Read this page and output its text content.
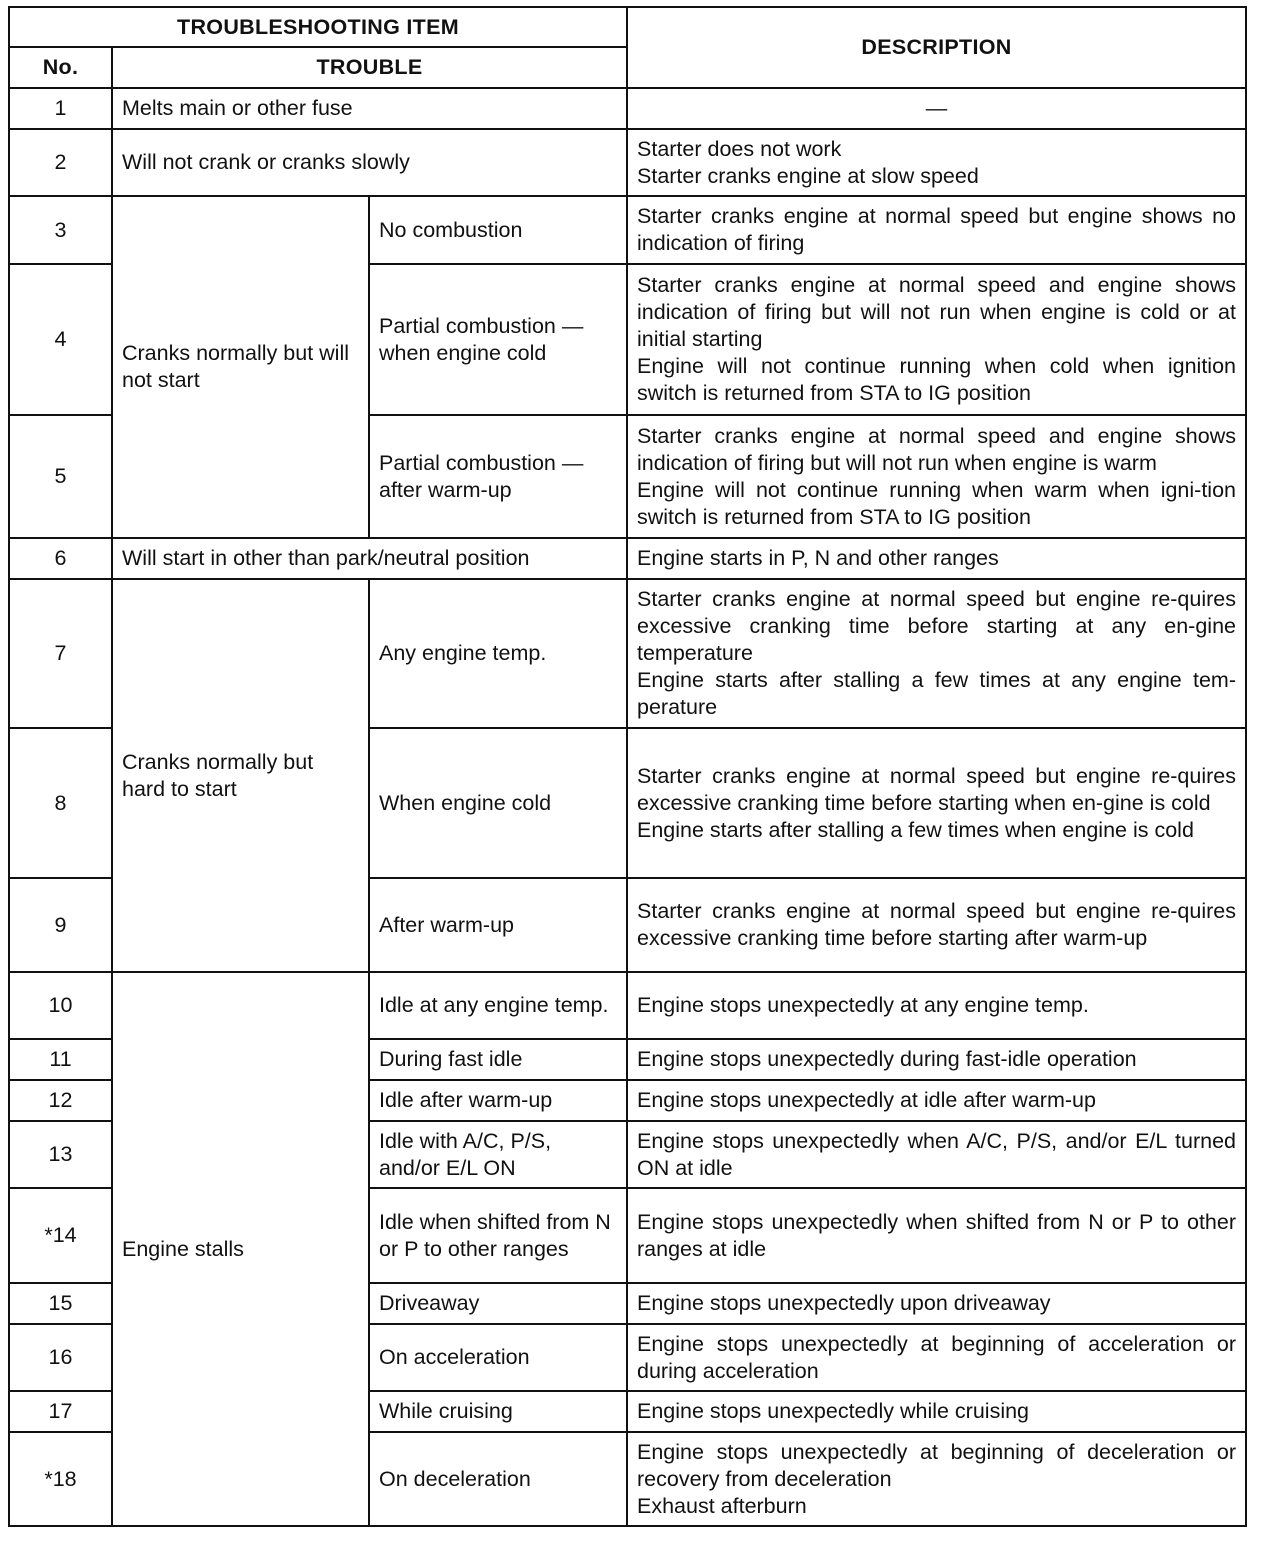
TROUBLESHOOTING ITEM			DESCRIPTION
No.	TROUBLE		
1	Melts main or other fuse		—
2	Will not crank or cranks slowly		Starter does not work
Starter cranks engine at slow speed
3	Cranks normally but will not start	No combustion	Starter cranks engine at normal speed but engine shows no indication of firing
4		Partial combustion — when engine cold	Starter cranks engine at normal speed and engine shows indication of firing but will not run when engine is cold or at initial starting
Engine will not continue running when cold when ignition switch is returned from STA to IG position
5		Partial combustion — after warm-up	Starter cranks engine at normal speed and engine shows indication of firing but will not run when engine is warm
Engine will not continue running when warm when igni-tion switch is returned from STA to IG position
6	Will start in other than park/neutral position		Engine starts in P, N and other ranges
7	Cranks normally but hard to start	Any engine temp.	Starter cranks engine at normal speed but engine re-quires excessive cranking time before starting at any en-gine temperature
Engine starts after stalling a few times at any engine tem-perature
8		When engine cold	Starter cranks engine at normal speed but engine re-quires excessive cranking time before starting when en-gine is cold
Engine starts after stalling a few times when engine is cold
9		After warm-up	Starter cranks engine at normal speed but engine re-quires excessive cranking time before starting after warm-up
10	Engine stalls	Idle at any engine temp.	Engine stops unexpectedly at any engine temp.
11		During fast idle	Engine stops unexpectedly during fast-idle operation
12		Idle after warm-up	Engine stops unexpectedly at idle after warm-up
13		Idle with A/C, P/S, and/or E/L ON	Engine stops unexpectedly when A/C, P/S, and/or E/L turned ON at idle
*14		Idle when shifted from N or P to other ranges	Engine stops unexpectedly when shifted from N or P to other ranges at idle
15		Driveaway	Engine stops unexpectedly upon driveaway
16		On acceleration	Engine stops unexpectedly at beginning of acceleration or during acceleration
17		While cruising	Engine stops unexpectedly while cruising
*18		On deceleration	Engine stops unexpectedly at beginning of deceleration or recovery from deceleration
Exhaust afterburn
